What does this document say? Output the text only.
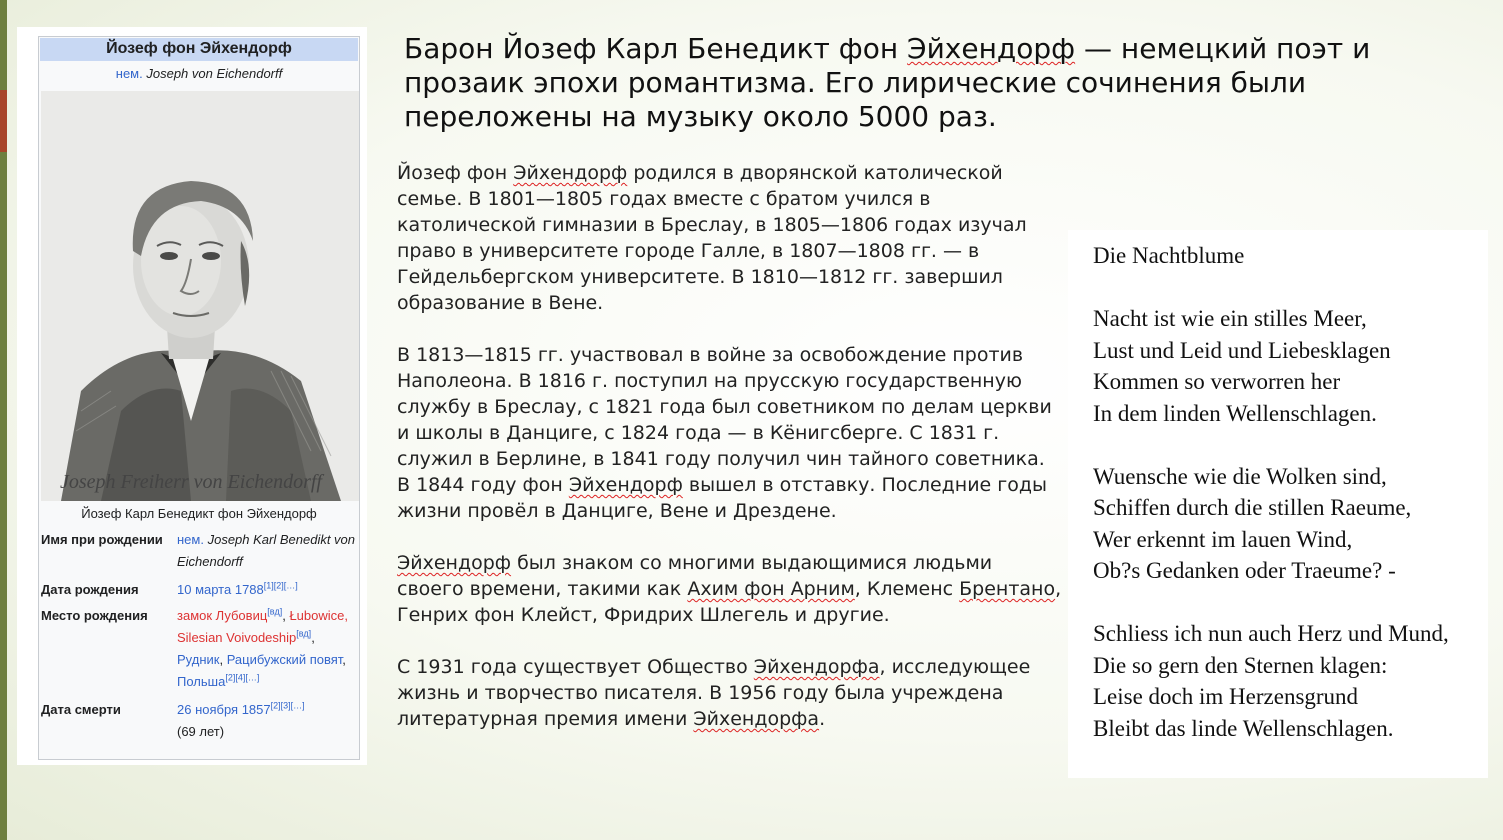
Йозеф фон Эйхендорф
нем. Joseph von Eichendorff
Joseph Freiherr von Eichendorff
Йозеф Карл Бенедикт фон Эйхендорф
Имя при рождении	нем. Joseph Karl Benedikt von Eichendorff
Дата рождения	10 марта 1788[1][2][…]
Место рождения	замок Лубовиц[вд], Łubowice, Silesian Voivodeship[вд], Рудник, Рацибужский повят, Польша[2][4][…]
Дата смерти	26 ноября 1857[2][3][…]
(69 лет)
Барон Йозеф Карл Бенедикт фон Эйхендорф — немецкий поэт и прозаик эпохи романтизма. Его лирические сочинения были переложены на музыку около 5000 раз.

Йозеф фон Эйхендорф родился в дворянской католической семье. В 1801—1805 годах вместе с братом учился в католической гимназии в Бреслау, в 1805—1806 годах изучал право в университете городе Галле, в 1807—1808 гг. — в Гейдельбергском университете. В 1810—1812 гг. завершил образование в Вене.

В 1813—1815 гг. участвовал в войне за освобождение против Наполеона. В 1816 г. поступил на прусскую государственную службу в Бреслау, с 1821 года был советником по делам церкви и школы в Данциге, с 1824 года — в Кёнигсберге. С 1831 г. служил в Берлине, в 1841 году получил чин тайного советника. В 1844 году фон Эйхендорф вышел в отставку. Последние годы жизни провёл в Данциге, Вене и Дрездене.

Эйхендорф был знаком со многими выдающимися людьми своего времени, такими как Ахим фон Арним, Клеменс Брентано, Генрих фон Клейст, Фридрих Шлегель и другие.

С 1931 года существует Общество Эйхендорфа, исследующее жизнь и творчество писателя. В 1956 году была учреждена литературная премия имени Эйхендорфа.

Die Nachtblume
Nacht ist wie ein stilles Meer,
Lust und Leid und Liebesklagen
Kommen so verworren her
In dem linden Wellenschlagen.
Wuensche wie die Wolken sind,
Schiffen durch die stillen Raeume,
Wer erkennt im lauen Wind,
Ob?s Gedanken oder Traeume? -
Schliess ich nun auch Herz und Mund,
Die so gern den Sternen klagen:
Leise doch im Herzensgrund
Bleibt das linde Wellenschlagen.
